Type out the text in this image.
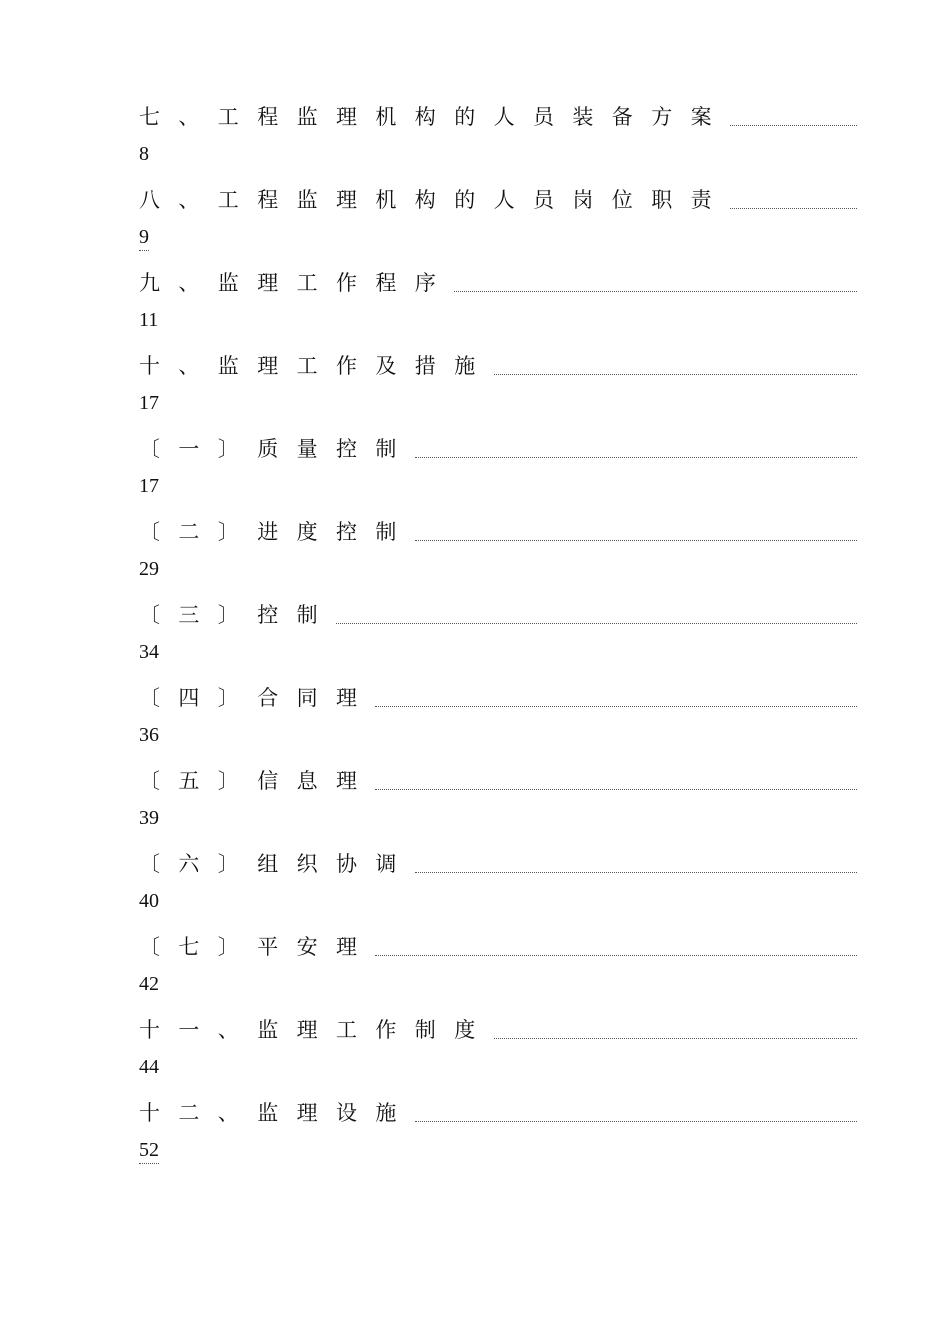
七、工程监理机构的人员装备方案
8
八、工程监理机构的人员岗位职责
9
九、监理工作程序
11
十、监理工作及措施
17
〔一〕质量控制
17
〔二〕进度控制
29
〔三〕控制
34
〔四〕合同理
36
〔五〕信息理
39
〔六〕组织协调
40
〔七〕平安理
42
十一、监理工作制度
44
十二、监理设施
52
